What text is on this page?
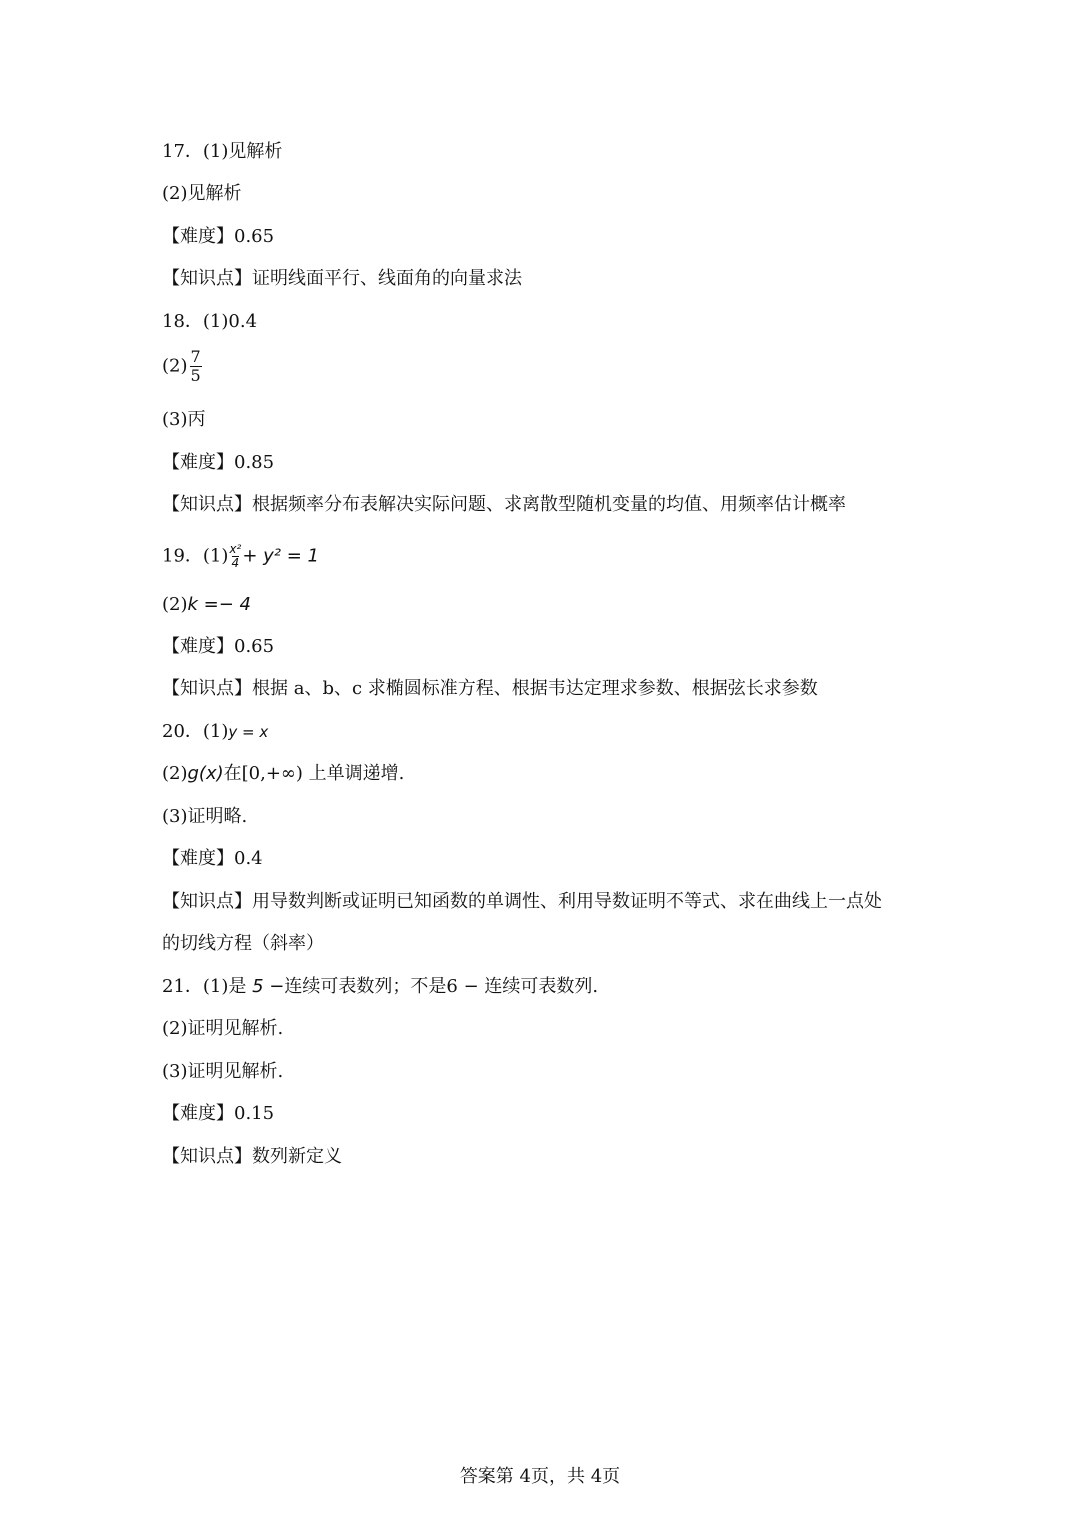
17．(1)见解析
(2)见解析
【难度】0.65
【知识点】证明线面平行、线面角的向量求法
18．(1)0.4
$(2) \frac{7}{5}$
(3)丙
【难度】0.85
【知识点】根据频率分布表解决实际问题、求离散型随机变量的均值、用频率估计概率
19．$(1) \frac{\text{x²}}{4} + y^2 = 1$
(2)k =− 4
【难度】0.65
【知识点】根据 a、b、c 求椭圆标准方程、根据韦达定理求参数、根据弦长求参数
20．(1)y = x
(2)g(x)在[0,+∞) 上单调递增.
(3)证明略.
【难度】0.4
【知识点】用导数判断或证明已知函数的单调性、利用导数证明不等式、求在曲线上一点处
的切线方程（斜率）
21．(1)是 5 −连续可表数列；不是6 − 连续可表数列.
(2)证明见解析.
(3)证明见解析.
【难度】0.15
【知识点】数列新定义
答案第 4页，共 4页
